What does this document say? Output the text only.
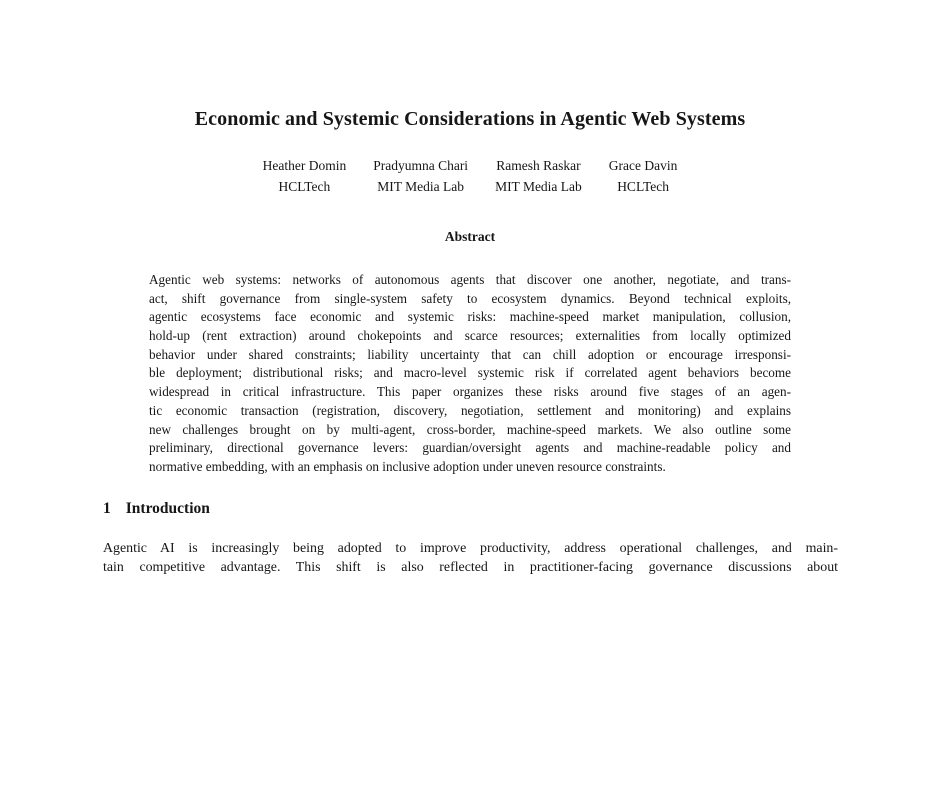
Economic and Systemic Considerations in Agentic Web Systems
Heather Domin
HCLTech
Pradyumna Chari
MIT Media Lab
Ramesh Raskar
MIT Media Lab
Grace Davin
HCLTech
Abstract
Agentic web systems: networks of autonomous agents that discover one another, negotiate, and trans-
act, shift governance from single-system safety to ecosystem dynamics. Beyond technical exploits,
agentic ecosystems face economic and systemic risks: machine-speed market manipulation, collusion,
hold-up (rent extraction) around chokepoints and scarce resources; externalities from locally optimized
behavior under shared constraints; liability uncertainty that can chill adoption or encourage irresponsi-
ble deployment; distributional risks; and macro-level systemic risk if correlated agent behaviors become
widespread in critical infrastructure. This paper organizes these risks around five stages of an agen-
tic economic transaction (registration, discovery, negotiation, settlement and monitoring) and explains
new challenges brought on by multi-agent, cross-border, machine-speed markets. We also outline some
preliminary, directional governance levers: guardian/oversight agents and machine-readable policy and
normative embedding, with an emphasis on inclusive adoption under uneven resource constraints.
1 Introduction
Agentic AI is increasingly being adopted to improve productivity, address operational challenges, and main-
tain competitive advantage. This shift is also reflected in practitioner-facing governance discussions about
